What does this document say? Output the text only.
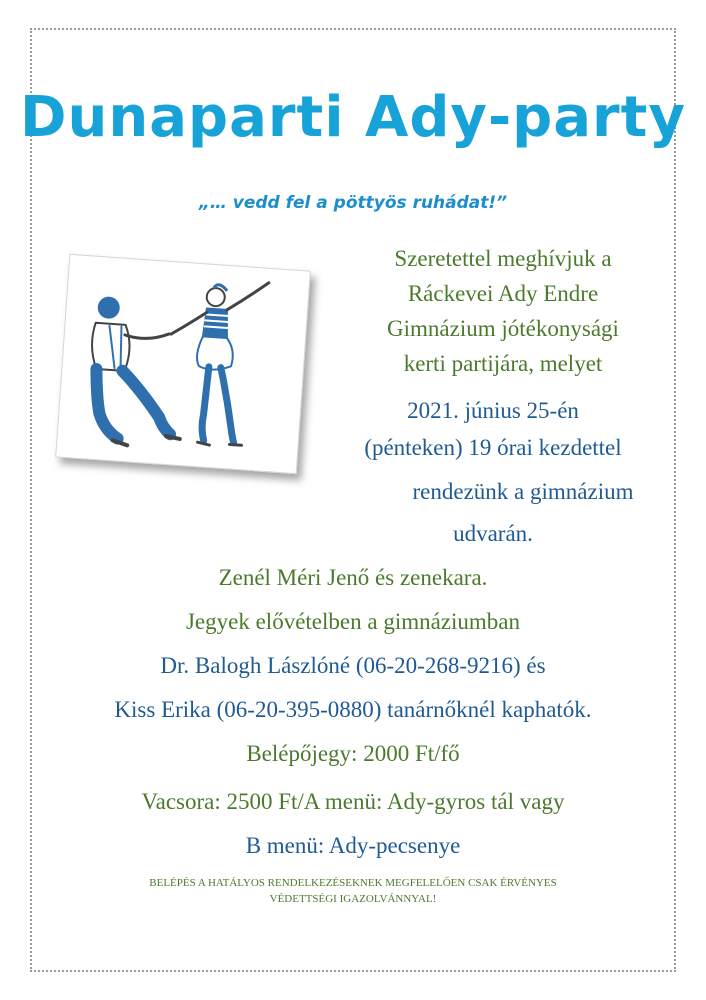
Dunaparti Ady-party
„… vedd fel a pöttyös ruhádat!”
Szeretettel meghívjuk a
Ráckevei Ady Endre
Gimnázium jótékonysági
kerti partijára, melyet
2021. június 25-én
(pénteken) 19 órai kezdettel
rendezünk a gimnázium
udvarán.
Zenél Méri Jenő és zenekara.
Jegyek elővételben a gimnáziumban
Dr. Balogh Lászlóné (06-20-268-9216) és
Kiss Erika (06-20-395-0880) tanárnőknél kaphatók.
Belépőjegy: 2000 Ft/fő
Vacsora: 2500 Ft/A menü: Ady-gyros tál vagy
B menü: Ady-pecsenye
BELÉPÉS A HATÁLYOS RENDELKEZÉSEKNEK MEGFELELŐEN CSAK ÉRVÉNYES
VÉDETTSÉGI IGAZOLVÁNNYAL!
